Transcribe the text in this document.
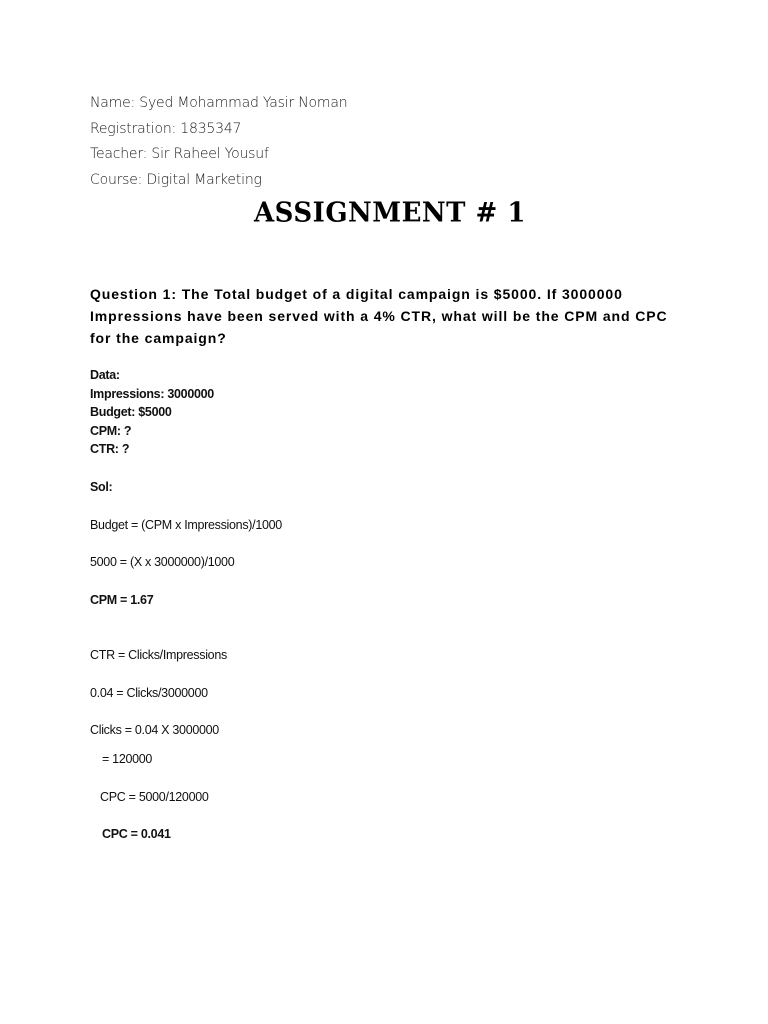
Name: Syed Mohammad Yasir Noman
Registration: 1835347
Teacher: Sir Raheel Yousuf
Course: Digital Marketing
ASSIGNMENT # 1
Question 1: The Total budget of a digital campaign is $5000. If 3000000 Impressions have been served with a 4% CTR, what will be the CPM and CPC for the campaign?
Data:
Impressions: 3000000
Budget: $5000
CPM: ?
CTR: ?
Sol:
Budget = (CPM x Impressions)/1000
5000 = (X x 3000000)/1000
CPM = 1.67
CTR = Clicks/Impressions
0.04 = Clicks/3000000
Clicks = 0.04 X 3000000
= 120000
CPC = 5000/120000
CPC = 0.041
